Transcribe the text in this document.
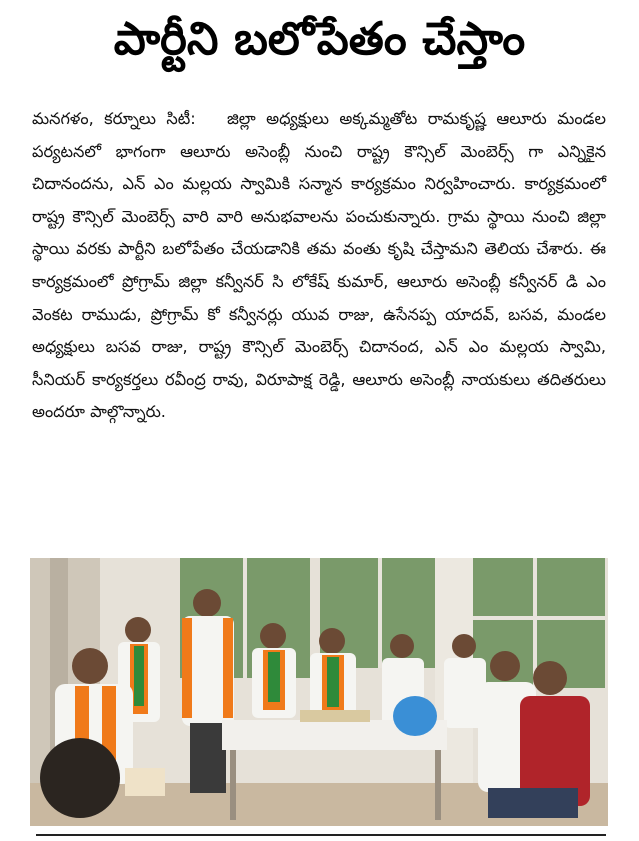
పార్టీని బలోపేతం చేస్తాం
మనగళం, కర్నూలు సిటీ: జిల్లా అధ్యక్షులు అక్కమ్మతోట రామకృష్ణ ఆలూరు మండల పర్యటనలో భాగంగా ఆలూరు అసెంబ్లీ నుంచి రాష్ట్ర కౌన్సిల్ మెంబెర్స్ గా ఎన్నికైన చిదానందను, ఎన్ ఎం మల్లయ స్వామికి సన్మాన కార్యక్రమం నిర్వహించారు. కార్యక్రమంలో రాష్ట్ర కౌన్సిల్ మెంబెర్స్ వారి వారి అనుభవాలను పంచుకున్నారు. గ్రామ స్థాయి నుంచి జిల్లా స్థాయి వరకు పార్టీని బలోపేతం చేయడానికి తమ వంతు కృషి చేస్తామని తెలియ చేశారు. ఈ కార్యక్రమంలో ప్రోగ్రామ్ జిల్లా కన్వీనర్ సి లోకేష్ కుమార్, ఆలూరు అసెంబ్లీ కన్వీనర్ డి ఎం వెంకట రాముడు, ప్రోగ్రామ్ కో కన్వీనర్లు యువ రాజు, ఉసేనప్ప యాదవ్, బసవ, మండల అధ్యక్షులు బసవ రాజు, రాష్ట్ర కౌన్సిల్ మెంబెర్స్ చిదానంద, ఎన్ ఎం మల్లయ స్వామి, సీనియర్ కార్యకర్తలు రవీంద్ర రావు, విరూపాక్ష రెడ్డి, ఆలూరు అసెంబ్లీ నాయకులు తదితరులు అందరూ పాల్గొన్నారు.
